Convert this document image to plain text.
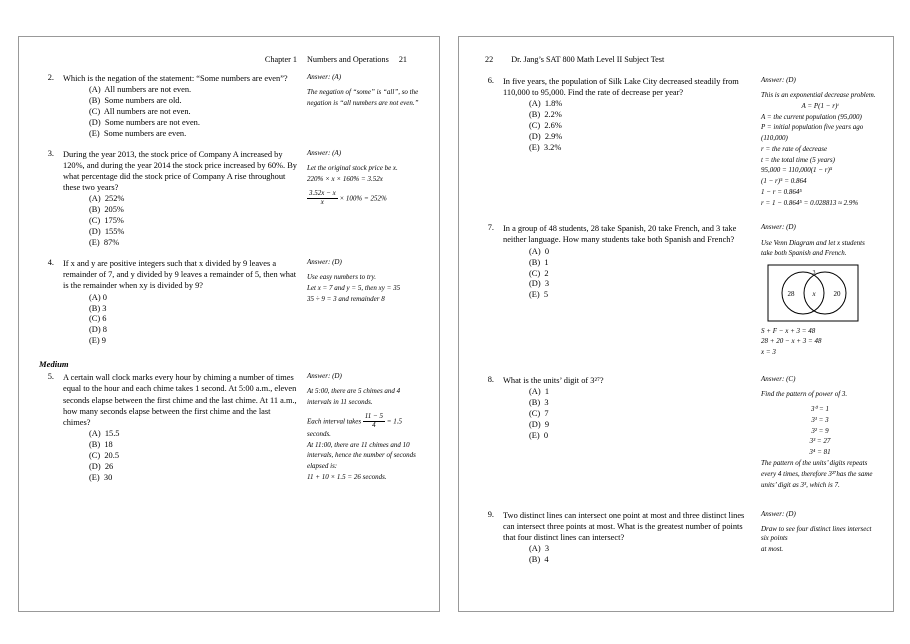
Chapter 1 Numbers and Operations 21
2.	Which is the negation of the statement: “Some numbers are even”?
(A)  All numbers are not even.
(B)  Some numbers are old.
(C)  All numbers are not even.
(D)  Some numbers are not even.
(E)  Some numbers are even.
Answer: (A)
The negation of “some” is “all”, so the
negation is “all numbers are not even.”
3.	During the year 2013, the stock price of Company A increased by 120%, and during the year 2014 the stock price increased by 60%. By what percentage did the stock price of Company A rise throughout these two years?
(A)  252%
(B)  205%
(C)  175%
(D)  155%
(E)  87%
Answer: (A)
Let the original stock price be x.
220% × x × 160% = 3.52x
$\frac{3.52x - x}{x} \times 100\% = 252\%$
4.	If x and y are positive integers such that x divided by 9 leaves a remainder of 7, and y divided by 9 leaves a remainder of 5, then what is the remainder when xy is divided by 9?
(A) 0
(B) 3
(C) 6
(D) 8
(E) 9
Answer: (D)
Use easy numbers to try.
Let x = 7 and y = 5, then xy = 35
35 ÷ 9 = 3 and remainder 8
Medium
5.	A certain wall clock marks every hour by chiming a number of times equal to the hour and each chime takes 1 second. At 5:00 a.m., eleven seconds elapse between the first chime and the last chime. At 11 a.m., how many seconds elapse between the first chime and the last chimes?
(A)  15.5
(B)  18
(C)  20.5
(D)  26
(E)  30
Answer: (D)
At 5:00, there are 5 chimes and 4
intervals in 11 seconds.
Each interval takes $\frac{11 - 5}{4} = 1.5$ seconds.
At 11:00, there are 11 chimes and 10
intervals, hence the number of seconds
elapsed is:
11 + 10 × 1.5 = 26 seconds.
22 Dr. Jang’s SAT 800 Math Level II Subject Test
6.	In five years, the population of Silk Lake City decreased steadily from 110,000 to 95,000. Find the rate of decrease per year?
(A)  1.8%
(B)  2.2%
(C)  2.6%
(D)  2.9%
(E)  3.2%
Answer: (D)
This is an exponential decrease problem.
A = P(1 − r)ᵗ
A = the current population (95,000)
P = initial population five years ago
(110,000)
r = the rate of decrease
t = the total time (5 years)
95,000 = 110,000(1 − r)⁵
(1 − r)⁵ = 0.864
1 − r = 0.864⁵
r = 1 − 0.864⁵ = 0.028813 ≈ 2.9%
7.	In a group of 48 students, 28 take Spanish, 20 take French, and 3 take neither language. How many students take both Spanish and French?
(A)  0
(B)  1
(C)  2
(D)  3
(E)  5
Answer: (D)
Use Venn Diagram and let x students
take both Spanish and French.
28	x	20
3
S + F − x + 3 = 48
28 + 20 − x + 3 = 48
x = 3
8.	What is the units’ digit of 3²⁷?
(A)  1
(B)  3
(C)  7
(D)  9
(E)  0
Answer: (C)
Find the pattern of power of 3.
3⁰ = 1
3¹ = 3
3² = 9
3³ = 27
3⁴ = 81
The pattern of the units’ digits repeats
every 4 times, therefore 3²⁷has the same
units’ digit as 3³, which is 7.
9.	Two distinct lines can intersect one point at most and three distinct lines can intersect three points at most. What is the greatest number of points that four distinct lines can intersect?
(A)  3
(B)  4
Answer: (D)
Draw to see four distinct lines intersect six points
at most.
